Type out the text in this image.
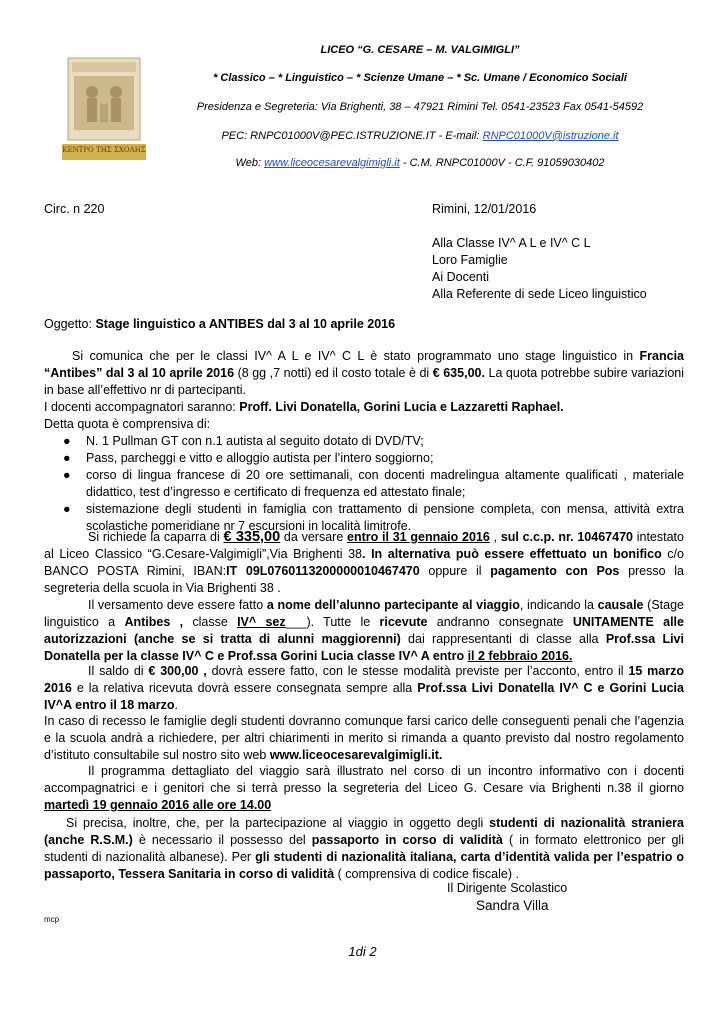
ΚΕΝΤΡΟ ΤΗΣ ΣΧΟΛΗΣ
LICEO “G. CESARE – M. VALGIMIGLI”
* Classico – * Linguistico – * Scienze Umane – * Sc. Umane / Economico Sociali
Presidenza e Segreteria: Via Brighenti, 38 – 47921 Rimini Tel. 0541-23523 Fax 0541-54592
PEC: RNPC01000V@PEC.ISTRUZIONE.IT - E-mail: RNPC01000V@istruzione.it
Web: www.liceocesarevalgimigli.it - C.M. RNPC01000V - C.F. 91059030402
Circ. n 220	Rimini, 12/01/2016
Alla Classe IV^ A L e IV^ C L
Loro Famiglie
Ai Docenti
Alla Referente di sede Liceo linguistico
Oggetto: Stage linguistico a ANTIBES dal 3 al 10 aprile 2016

Si comunica che per le classi IV^ A L e IV^ C L è stato programmato uno stage linguistico in Francia “Antibes” dal 3 al 10 aprile 2016 (8 gg ,7 notti) ed il costo totale è di € 635,00. La quota potrebbe subire variazioni in base all’effettivo nr di partecipanti.

I docenti accompagnatori saranno: Proff. Livi Donatella, Gorini Lucia e Lazzaretti Raphael.

Detta quota è comprensiva di:

● N. 1 Pullman GT con n.1 autista al seguito dotato di DVD/TV;
● Pass, parcheggi e vitto e alloggio autista per l’intero soggiorno;
● corso di lingua francese di 20 ore settimanali, con docenti madrelingua altamente qualificati , materiale didattico, test d’ingresso e certificato di frequenza ed attestato finale;
● sistemazione degli studenti in famiglia con trattamento di pensione completa, con mensa, attività extra scolastiche pomeridiane nr 7 escursioni in località limitrofe.

Si richiede la caparra di € 335,00 da versare entro il 31 gennaio 2016 , sul c.c.p. nr. 10467470 intestato al Liceo Classico “G.Cesare-Valgimigli”,Via Brighenti 38. In alternativa può essere effettuato un bonifico c/o BANCO POSTA Rimini, IBAN:IT 09L0760113200000010467470 oppure il pagamento con Pos presso la segreteria della scuola in Via Brighenti 38 .

Il versamento deve essere fatto a nome dell’alunno partecipante al viaggio, indicando la causale (Stage linguistico a Antibes , classe IV^ sez___). Tutte le ricevute andranno consegnate UNITAMENTE alle autorizzazioni (anche se si tratta di alunni maggiorenni) dai rappresentanti di classe alla Prof.ssa Livi Donatella per la classe IV^ C e Prof.ssa Gorini Lucia classe IV^ A entro il 2 febbraio 2016.

Il saldo di € 300,00 , dovrà essere fatto, con le stesse modalità previste per l’acconto, entro il 15 marzo 2016 e la relativa ricevuta dovrà essere consegnata sempre alla Prof.ssa Livi Donatella IV^ C e Gorini Lucia IV^A entro il 18 marzo.

In caso di recesso le famiglie degli studenti dovranno comunque farsi carico delle conseguenti penali che l’agenzia e la scuola andrà a richiedere, per altri chiarimenti in merito si rimanda a quanto previsto dal nostro regolamento d’istituto consultabile sul nostro sito web www.liceocesarevalgimigli.it.

Il programma dettagliato del viaggio sarà illustrato nel corso di un incontro informativo con i docenti accompagnatrici e i genitori che si terrà presso la segreteria del Liceo G. Cesare via Brighenti n.38 il giorno martedì 19 gennaio 2016 alle ore 14.00

Si precisa, inoltre, che, per la partecipazione al viaggio in oggetto degli studenti di nazionalità straniera (anche R.S.M.) è necessario il possesso del passaporto in corso di validità ( in formato elettronico per gli studenti di nazionalità albanese). Per gli studenti di nazionalità italiana, carta d’identità valida per l’espatrio o passaporto, Tessera Sanitaria in corso di validità ( comprensiva di codice fiscale) .

Il Dirigente Scolastico
Sandra Villa
mcp
1di 2
